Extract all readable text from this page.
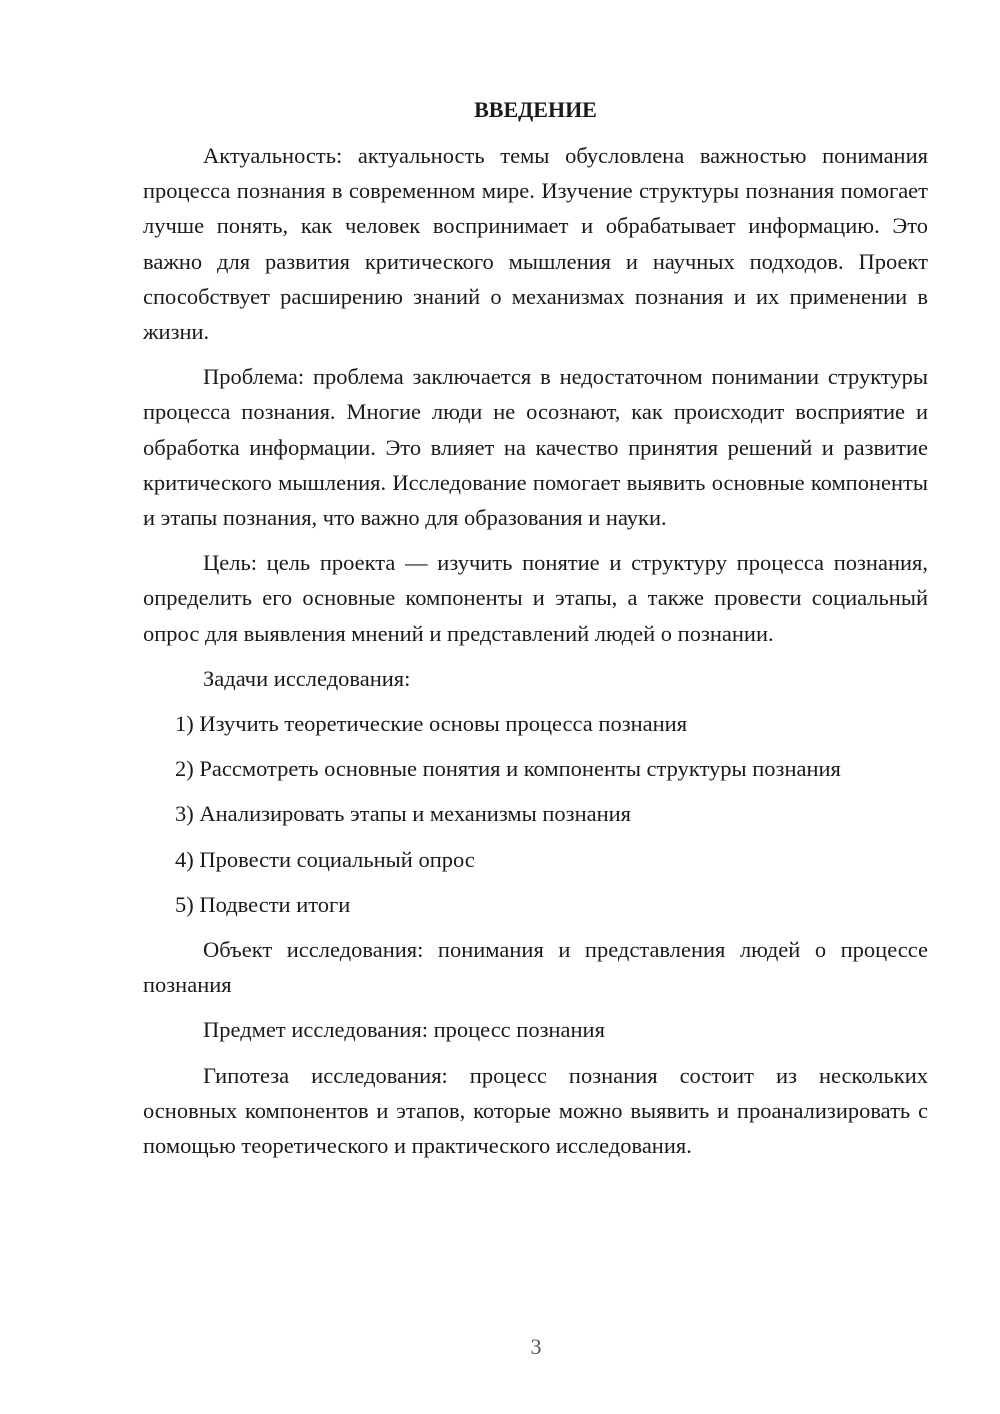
ВВЕДЕНИЕ

Актуальность: актуальность темы обусловлена важностью понимания процесса познания в современном мире. Изучение структуры познания помогает лучше понять, как человек воспринимает и обрабатывает информацию. Это важно для развития критического мышления и научных подходов. Проект способствует расширению знаний о механизмах познания и их применении в жизни.

Проблема: проблема заключается в недостаточном понимании структуры процесса познания. Многие люди не осознают, как происходит восприятие и обработка информации. Это влияет на качество принятия решений и развитие критического мышления. Исследование помогает выявить основные компоненты и этапы познания, что важно для образования и науки.

Цель: цель проекта — изучить понятие и структуру процесса познания, определить его основные компоненты и этапы, а также провести социальный опрос для выявления мнений и представлений людей о познании.

Задачи исследования:

1) Изучить теоретические основы процесса познания

2) Рассмотреть основные понятия и компоненты структуры познания

3) Анализировать этапы и механизмы познания

4) Провести социальный опрос

5) Подвести итоги

Объект исследования: понимания и представления людей о процессе познания

Предмет исследования: процесс познания

Гипотеза исследования: процесс познания состоит из нескольких основных компонентов и этапов, которые можно выявить и проанализировать с помощью теоретического и практического исследования.

3
